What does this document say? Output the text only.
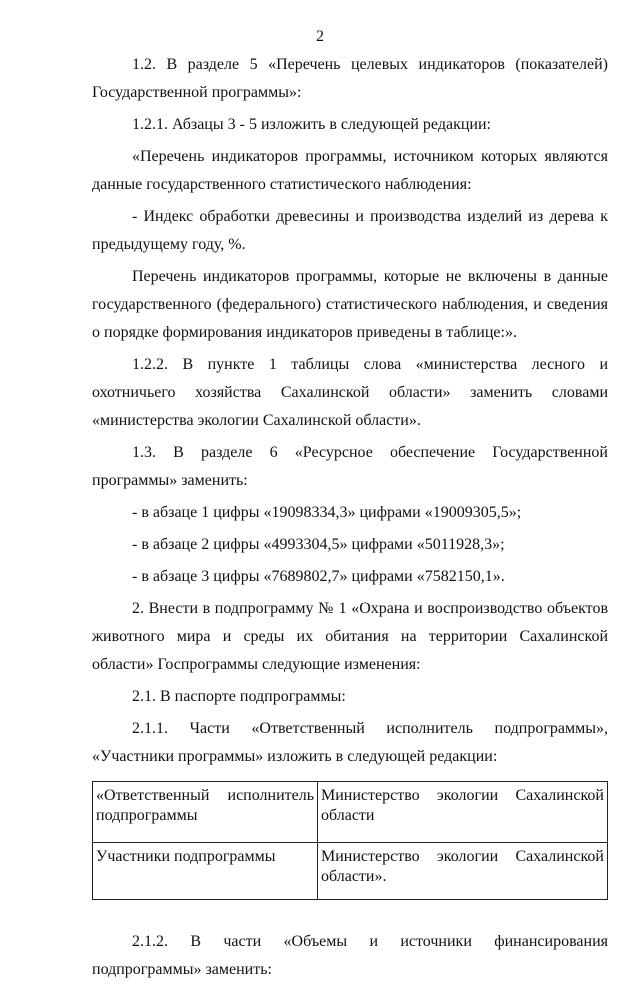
2

1.2. В разделе 5 «Перечень целевых индикаторов (показателей) Государственной программы»:

1.2.1. Абзацы 3 - 5 изложить в следующей редакции:

«Перечень индикаторов программы, источником которых являются данные государственного статистического наблюдения:

- Индекс обработки древесины и производства изделий из дерева к предыдущему году, %.

Перечень индикаторов программы, которые не включены в данные государственного (федерального) статистического наблюдения, и сведения о порядке формирования индикаторов приведены в таблице:».

1.2.2. В пункте 1 таблицы слова «министерства лесного и охотничьего хозяйства Сахалинской области» заменить словами «министерства экологии Сахалинской области».

1.3. В разделе 6 «Ресурсное обеспечение Государственной программы» заменить:

- в абзаце 1 цифры «19098334,3» цифрами «19009305,5»;

- в абзаце 2 цифры «4993304,5» цифрами «5011928,3»;

- в абзаце 3 цифры «7689802,7» цифрами «7582150,1».

2. Внести в подпрограмму № 1 «Охрана и воспроизводство объектов животного мира и среды их обитания на территории Сахалинской области» Госпрограммы следующие изменения:

2.1. В паспорте подпрограммы:

2.1.1. Части «Ответственный исполнитель подпрограммы», «Участники программы» изложить в следующей редакции:

«Ответственный исполнитель подпрограммы	Министерство экологии Сахалинской области
Участники подпрограммы	Министерство экологии Сахалинской области».

2.1.2. В части «Объемы и источники финансирования подпрограммы» заменить:
